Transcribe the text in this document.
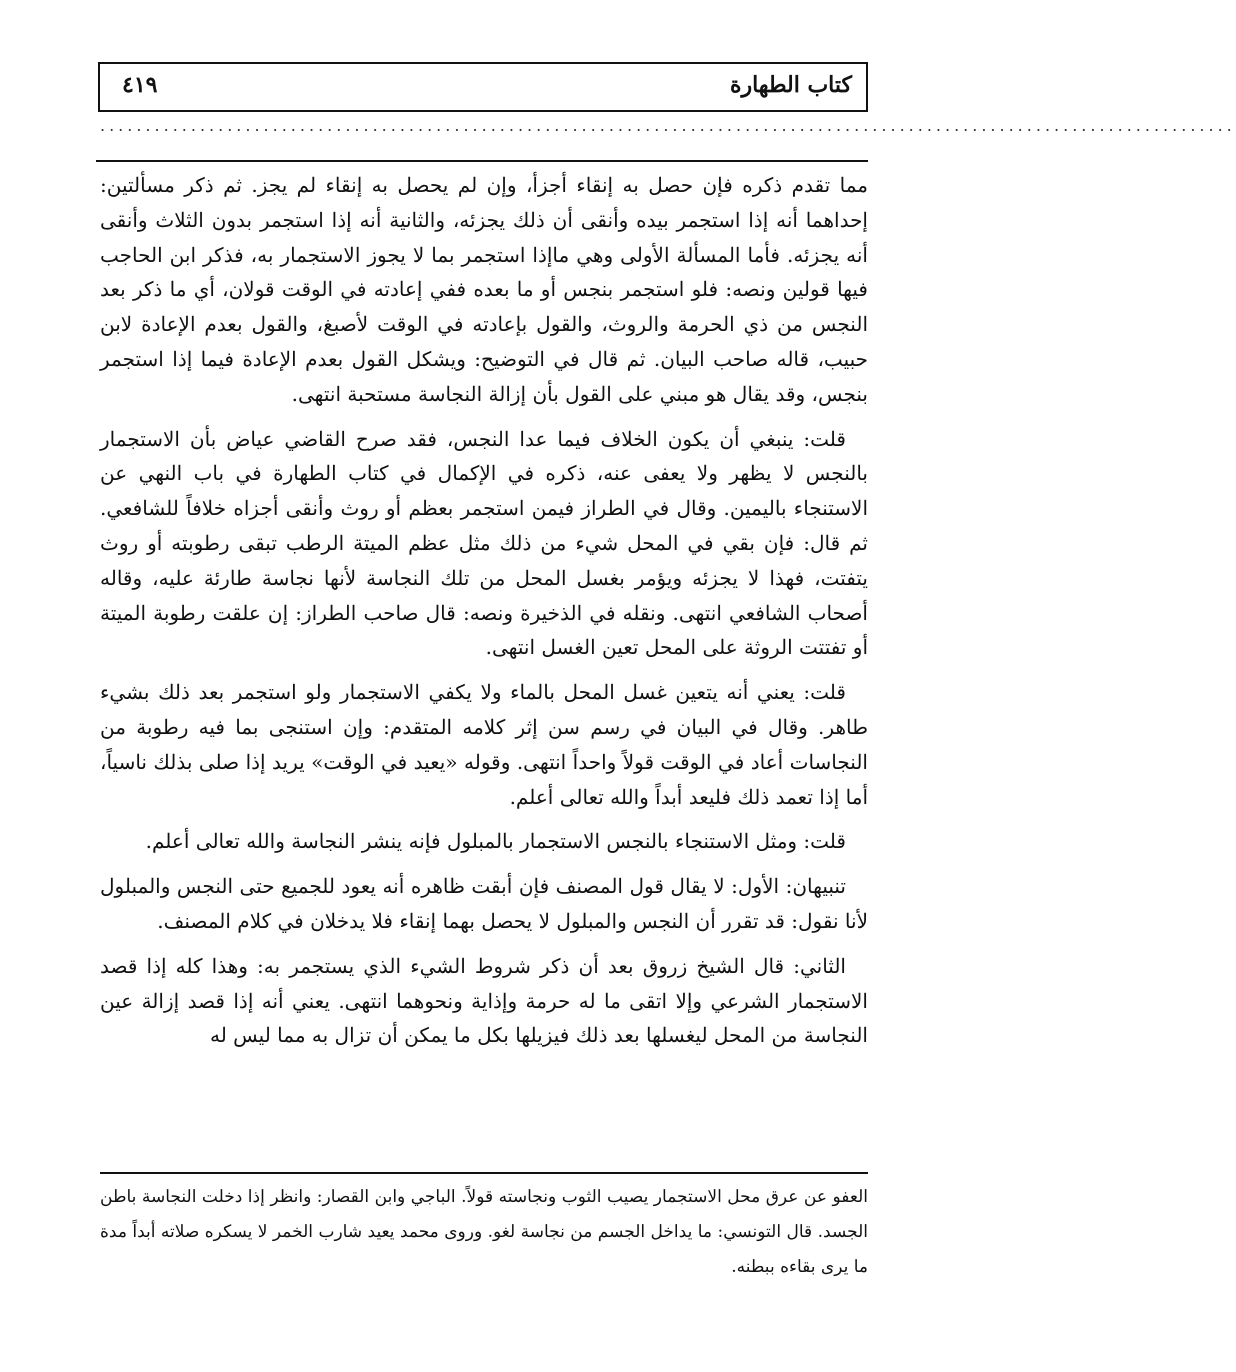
كتاب الطهارة
٤١٩
.............................................................................................................................

مما تقدم ذكره فإن حصل به إنقاء أجزأ، وإن لم يحصل به إنقاء لم يجز. ثم ذكر مسألتين: إحداهما أنه إذا استجمر بيده وأنقى أن ذلك يجزئه، والثانية أنه إذا استجمر بدون الثلاث وأنقى أنه يجزئه. فأما المسألة الأولى وهي ماإذا استجمر بما لا يجوز الاستجمار به، فذكر ابن الحاجب فيها قولين ونصه: فلو استجمر بنجس أو ما بعده ففي إعادته في الوقت قولان، أي ما ذكر بعد النجس من ذي الحرمة والروث، والقول بإعادته في الوقت لأصبغ، والقول بعدم الإعادة لابن حبيب، قاله صاحب البيان. ثم قال في التوضيح: ويشكل القول بعدم الإعادة فيما إذا استجمر بنجس، وقد يقال هو مبني على القول بأن إزالة النجاسة مستحبة انتهى.

قلت: ينبغي أن يكون الخلاف فيما عدا النجس، فقد صرح القاضي عياض بأن الاستجمار بالنجس لا يظهر ولا يعفى عنه، ذكره في الإكمال في كتاب الطهارة في باب النهي عن الاستنجاء باليمين. وقال في الطراز فيمن استجمر بعظم أو روث وأنقى أجزاه خلافاً للشافعي. ثم قال: فإن بقي في المحل شيء من ذلك مثل عظم الميتة الرطب تبقى رطوبته أو روث يتفتت، فهذا لا يجزئه ويؤمر بغسل المحل من تلك النجاسة لأنها نجاسة طارئة عليه، وقاله أصحاب الشافعي انتهى. ونقله في الذخيرة ونصه: قال صاحب الطراز: إن علقت رطوبة الميتة أو تفتتت الروثة على المحل تعين الغسل انتهى.

قلت: يعني أنه يتعين غسل المحل بالماء ولا يكفي الاستجمار ولو استجمر بعد ذلك بشيء طاهر. وقال في البيان في رسم سن إثر كلامه المتقدم: وإن استنجى بما فيه رطوبة من النجاسات أعاد في الوقت قولاً واحداً انتهى. وقوله «يعيد في الوقت» يريد إذا صلى بذلك ناسياً، أما إذا تعمد ذلك فليعد أبداً والله تعالى أعلم.

قلت: ومثل الاستنجاء بالنجس الاستجمار بالمبلول فإنه ينشر النجاسة والله تعالى أعلم.

تنبيهان: الأول: لا يقال قول المصنف فإن أبقت ظاهره أنه يعود للجميع حتى النجس والمبلول لأنا نقول: قد تقرر أن النجس والمبلول لا يحصل بهما إنقاء فلا يدخلان في كلام المصنف.

الثاني: قال الشيخ زروق بعد أن ذكر شروط الشيء الذي يستجمر به: وهذا كله إذا قصد الاستجمار الشرعي وإلا اتقى ما له حرمة وإذاية ونحوهما انتهى. يعني أنه إذا قصد إزالة عين النجاسة من المحل ليغسلها بعد ذلك فيزيلها بكل ما يمكن أن تزال به مما ليس له

العفو عن عرق محل الاستجمار يصيب الثوب ونجاسته قولاً. الباجي وابن القصار: وانظر إذا دخلت النجاسة باطن الجسد. قال التونسي: ما يداخل الجسم من نجاسة لغو. وروى محمد يعيد شارب الخمر لا يسكره صلاته أبداً مدة ما يرى بقاءه ببطنه.
